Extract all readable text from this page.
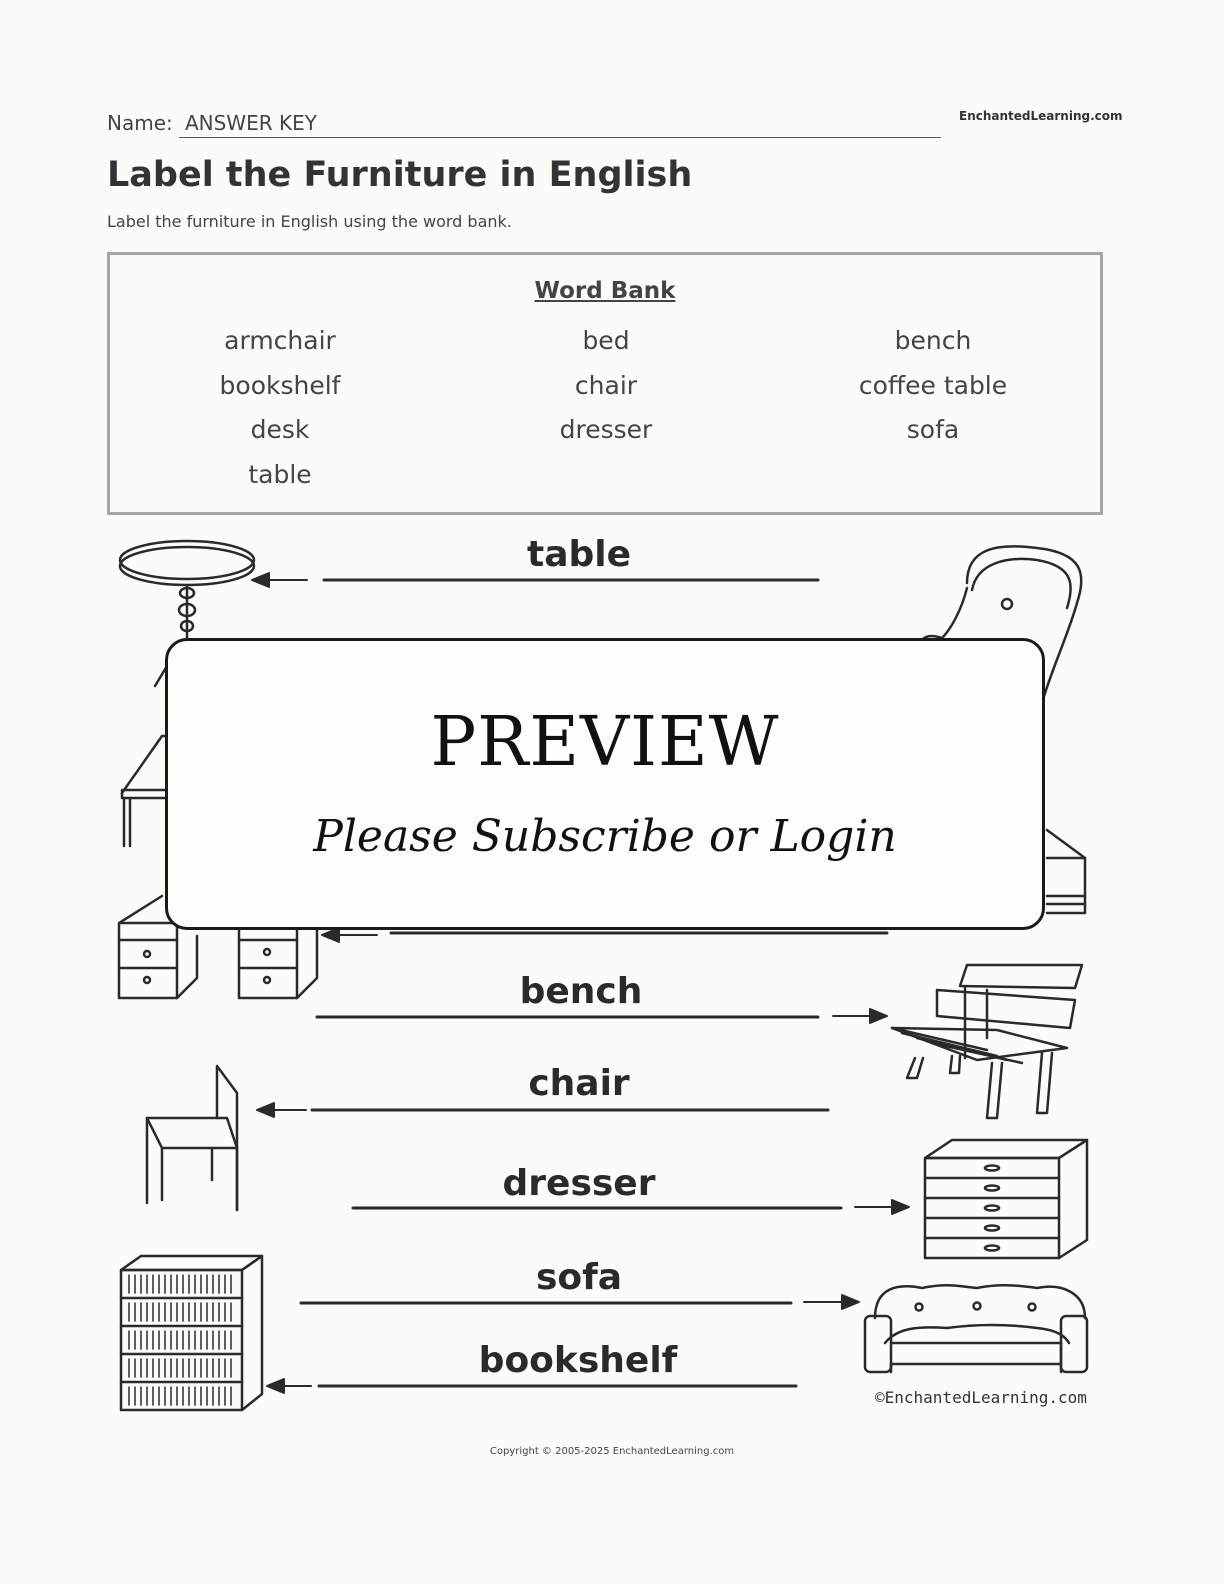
Name: ANSWER KEY	EnchantedLearning.com
Label the Furniture in English

Label the furniture in English using the word bank.

Word Bank
armchair	bed	bench
bookshelf	chair	coffee table
desk	dresser	sofa
table
table
bench
chair
dresser
sofa
bookshelf
©EnchantedLearning.com
PREVIEW
Please Subscribe or Login
Copyright © 2005-2025 EnchantedLearning.com
